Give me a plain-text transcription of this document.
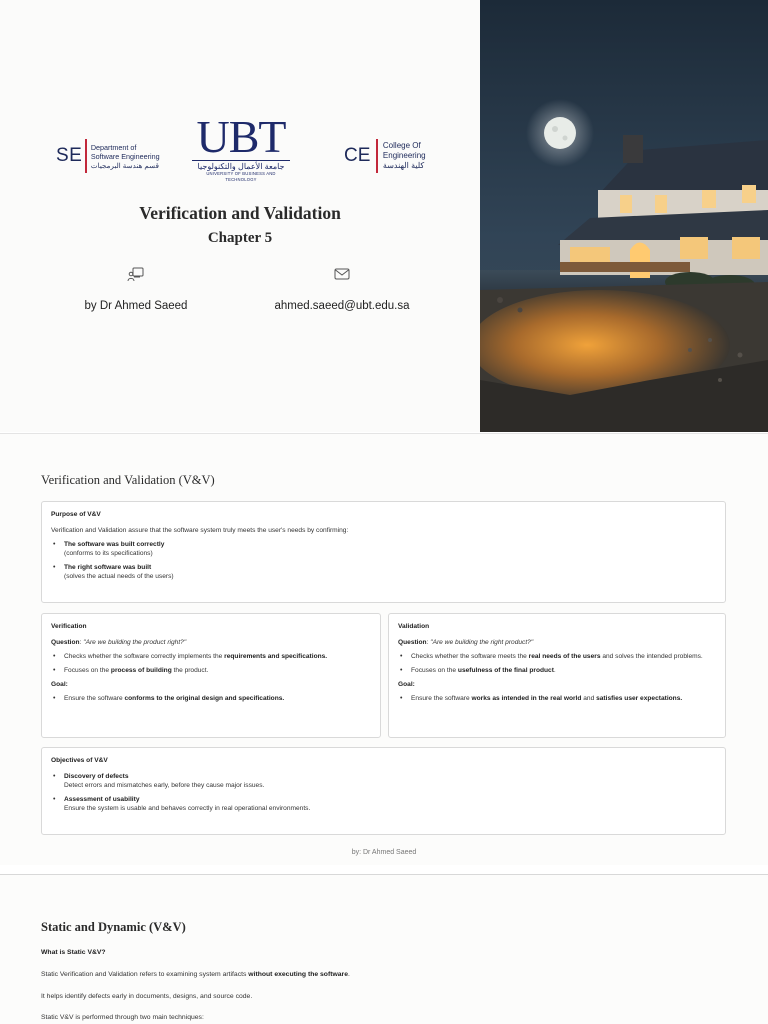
SE Department of
Software Engineering
قسم هندسة البرمجيات
UBT
جامعة الأعمال والتكنولوجيا
UNIVERSITY OF BUSINESS AND TECHNOLOGY
CE College Of
Engineering
كلية الهندسة
Verification and Validation
Chapter 5
by Dr Ahmed Saeed	ahmed.saeed@ubt.edu.sa
Verification and Validation (V&V)
Purpose of V&V

Verification and Validation assure that the software system truly meets the user's needs by confirming:

• The software was built correctly
(conforms to its specifications)
• The right software was built
(solves the actual needs of the users)
Verification

Question: "Are we building the product right?"

• Checks whether the software correctly implements the requirements and specifications.
• Focuses on the process of building the product.

Goal:

• Ensure the software conforms to the original design and specifications.
Validation

Question: "Are we building the right product?"

• Checks whether the software meets the real needs of the users and solves the intended problems.
• Focuses on the usefulness of the final product.

Goal:

• Ensure the software works as intended in the real world and satisfies user expectations.
Objectives of V&V
• Discovery of defects
Detect errors and mismatches early, before they cause major issues.
• Assessment of usability
Ensure the system is usable and behaves correctly in real operational environments.
by: Dr Ahmed Saeed
Static and Dynamic (V&V)
What is Static V&V?
Static Verification and Validation refers to examining system artifacts without executing the software.
It helps identify defects early in documents, designs, and source code.
Static V&V is performed through two main techniques:
